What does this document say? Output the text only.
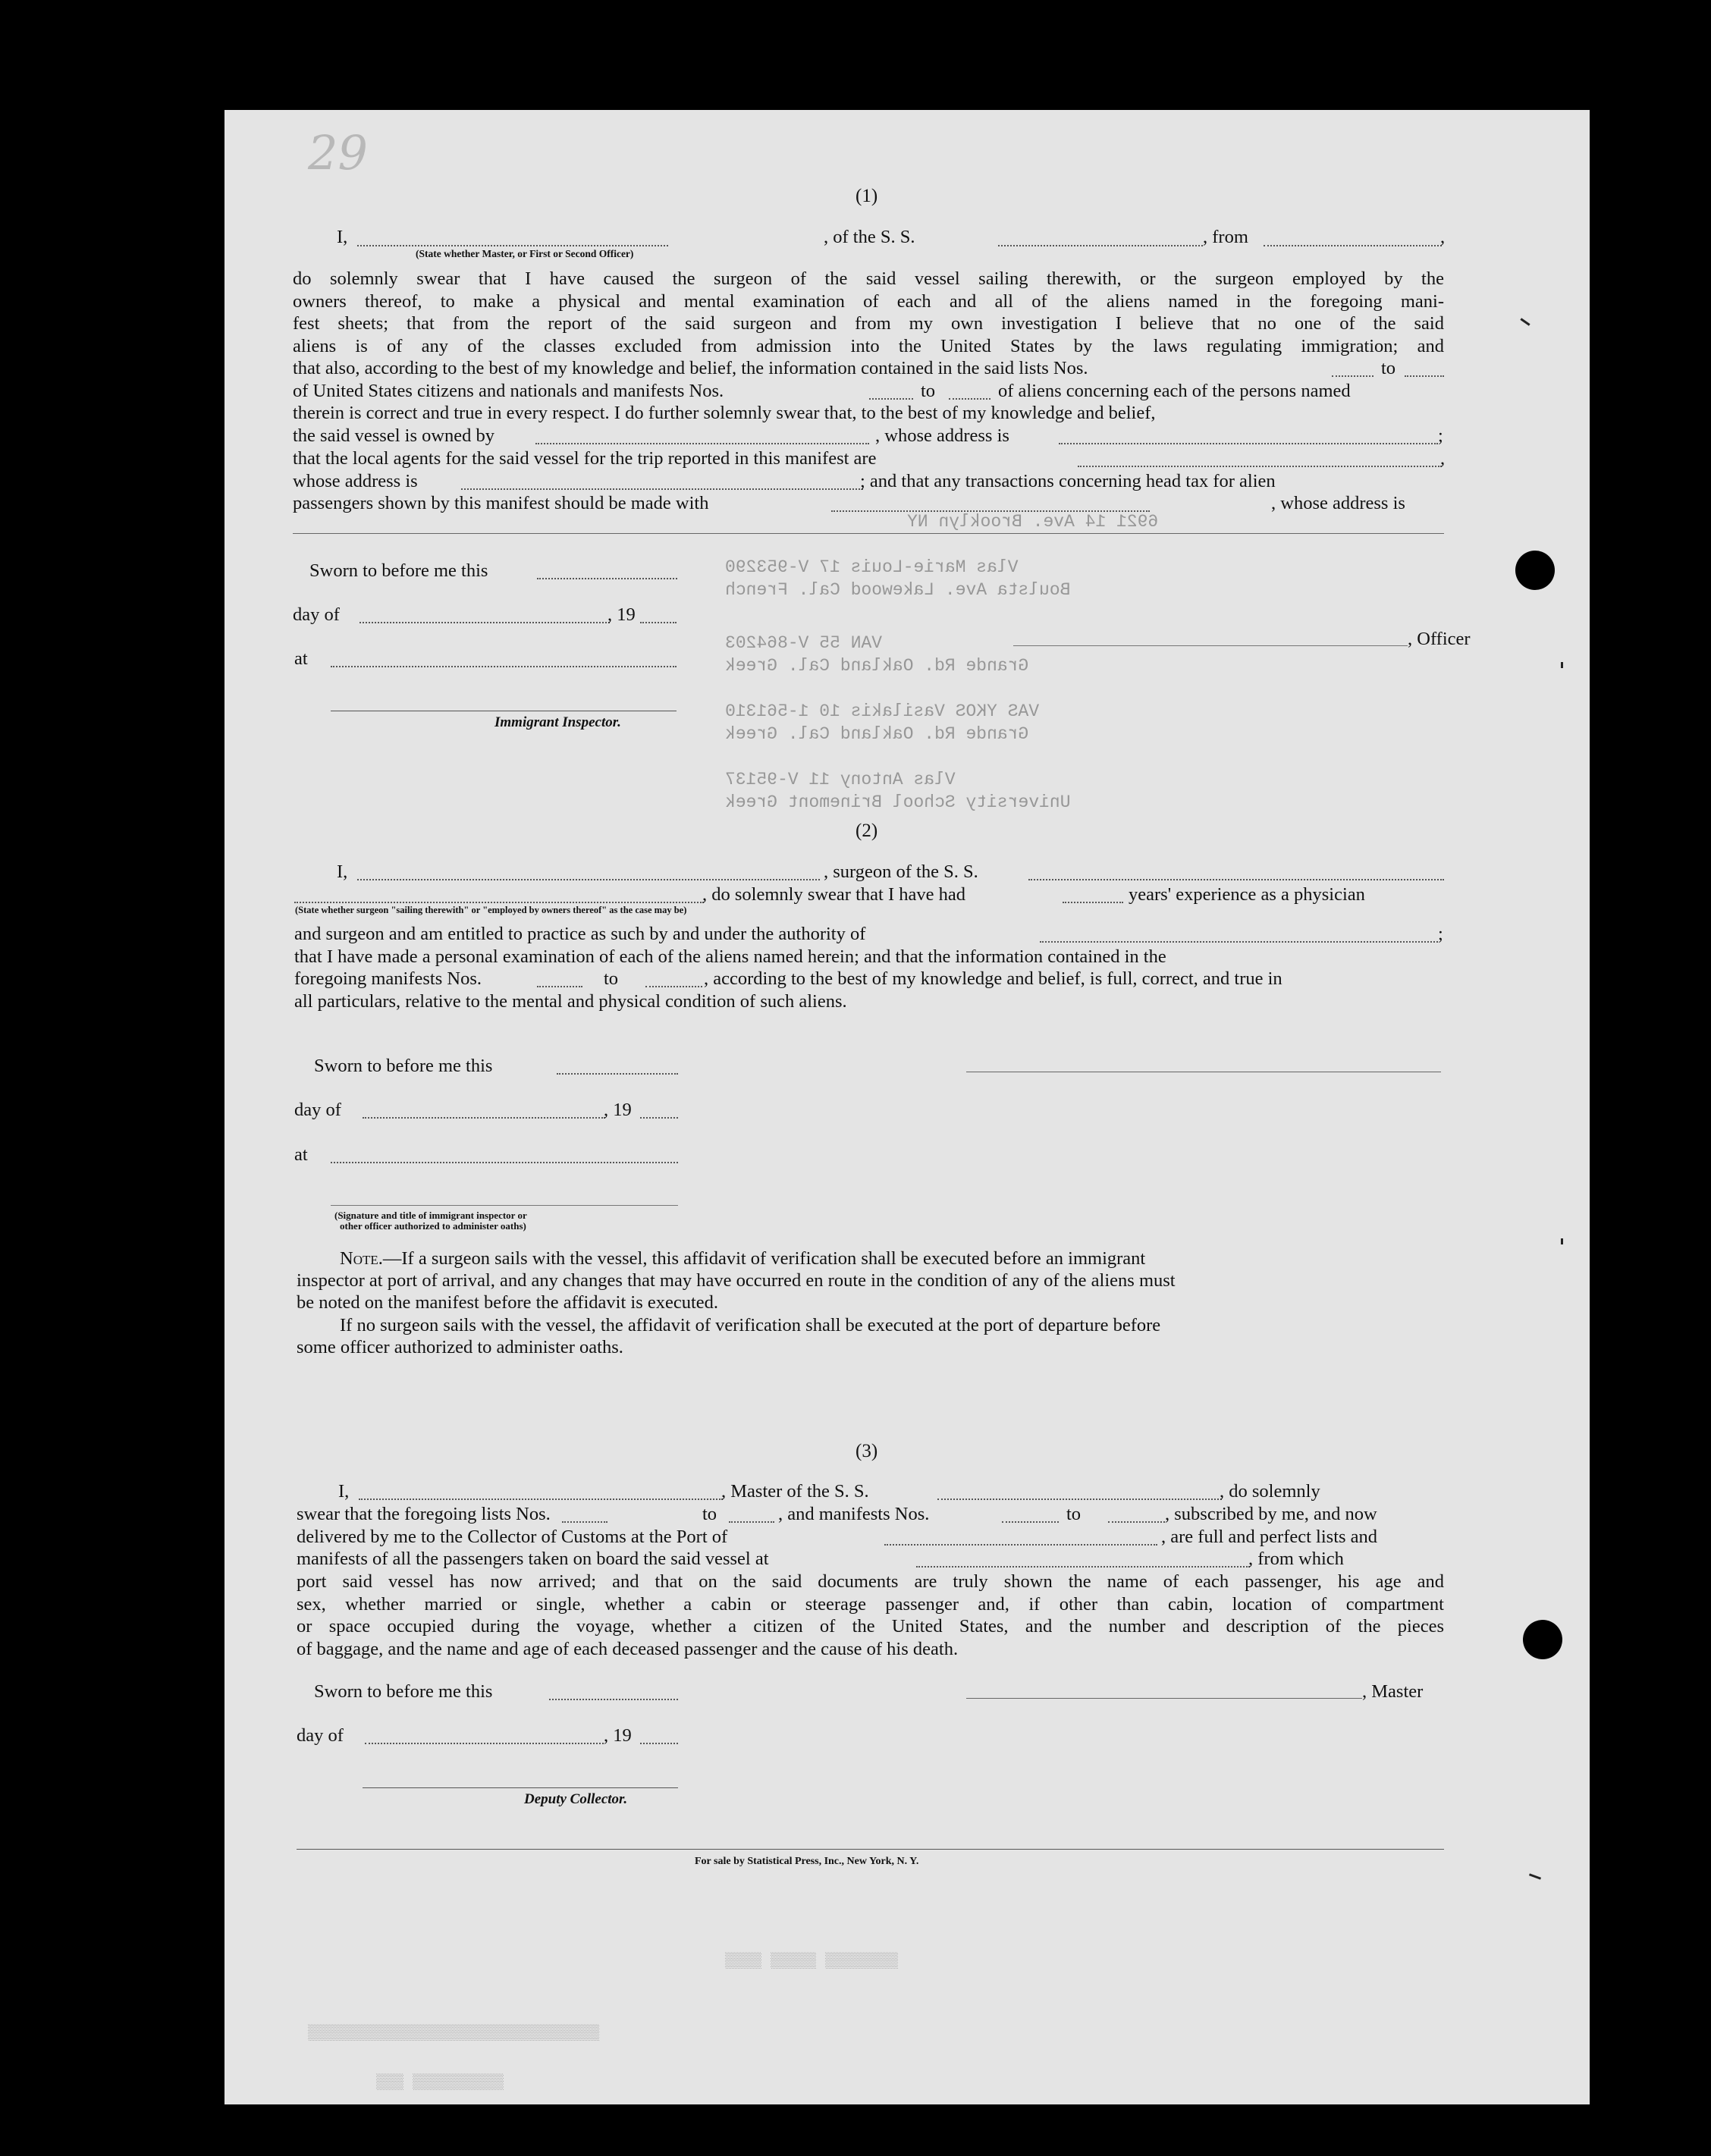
29
(1)
I,	, of the S. S.	, from	,
(State whether Master, or First or Second Officer)
do solemnly swear that I have caused the surgeon of the said vessel sailing therewith, or the surgeon employed by the
owners thereof, to make a physical and mental examination of each and all of the aliens named in the foregoing mani-
fest sheets; that from the report of the said surgeon and from my own investigation I believe that no one of the said
aliens is of any of the classes excluded from admission into the United States by the laws regulating immigration; and
that also, according to the best of my knowledge and belief, the information contained in the said lists Nos.	to
of United States citizens and nationals and manifests Nos.	to	of aliens concerning each of the persons named
therein is correct and true in every respect. I do further solemnly swear that, to the best of my knowledge and belief,
the said vessel is owned by	, whose address is	;
that the local agents for the said vessel for the trip reported in this manifest are	,
whose address is	; and that any transactions concerning head tax for alien
passengers shown by this manifest should be made with	, whose address is
6921 14 Ave. Brooklyn NY
Vlas Marie-Louis 17 V-953290
Boulsta Ave. Lakewood Cal. French
VAN 55 V-864203
Grande Rd. Oakland Cal. Greek
VAS YKOS Vasilakis 10 1-561310
Grande Rd. Oakland Cal. Greek
Vlas Antony 11 V-95137
University School Brinemont Greek
Sworn to before me this
day of	, 19
at
, Officer
Immigrant Inspector.
(2)
I,	, surgeon of the S. S.
, do solemnly swear that I have had	years' experience as a physician
(State whether surgeon "sailing therewith" or "employed by owners thereof" as the case may be)
and surgeon and am entitled to practice as such by and under the authority of	;
that I have made a personal examination of each of the aliens named herein; and that the information contained in the
foregoing manifests Nos.	to	, according to the best of my knowledge and belief, is full, correct, and true in
all particulars, relative to the mental and physical condition of such aliens.
Sworn to before me this
day of	, 19
at
(Signature and title of immigrant inspector or
other officer authorized to administer oaths)
Note.—If a surgeon sails with the vessel, this affidavit of verification shall be executed before an immigrant
inspector at port of arrival, and any changes that may have occurred en route in the condition of any of the aliens must
be noted on the manifest before the affidavit is executed.
If no surgeon sails with the vessel, the affidavit of verification shall be executed at the port of departure before
some officer authorized to administer oaths.
(3)
I,	, Master of the S. S.	, do solemnly
swear that the foregoing lists Nos.	to	, and manifests Nos.	to	, subscribed by me, and now
delivered by me to the Collector of Customs at the Port of	, are full and perfect lists and
manifests of all the passengers taken on board the said vessel at	, from which
port said vessel has now arrived; and that on the said documents are truly shown the name of each passenger, his age and
sex, whether married or single, whether a cabin or steerage passenger and, if other than cabin, location of compartment
or space occupied during the voyage, whether a citizen of the United States, and the number and description of the pieces
of baggage, and the name and age of each deceased passenger and the cause of his death.
Sworn to before me this	, Master
day of	, 19
Deputy Collector.
For sale by Statistical Press, Inc., New York, N. Y.
▒▒▒▒▒▒▒▒ ▒▒▒▒▒ ▒▒▒▒
▒▒▒▒▒▒▒▒▒▒▒▒▒▒▒▒▒▒▒▒▒▒▒▒▒▒▒▒▒▒▒▒
▒▒▒▒▒▒▒▒▒▒ ▒▒▒
